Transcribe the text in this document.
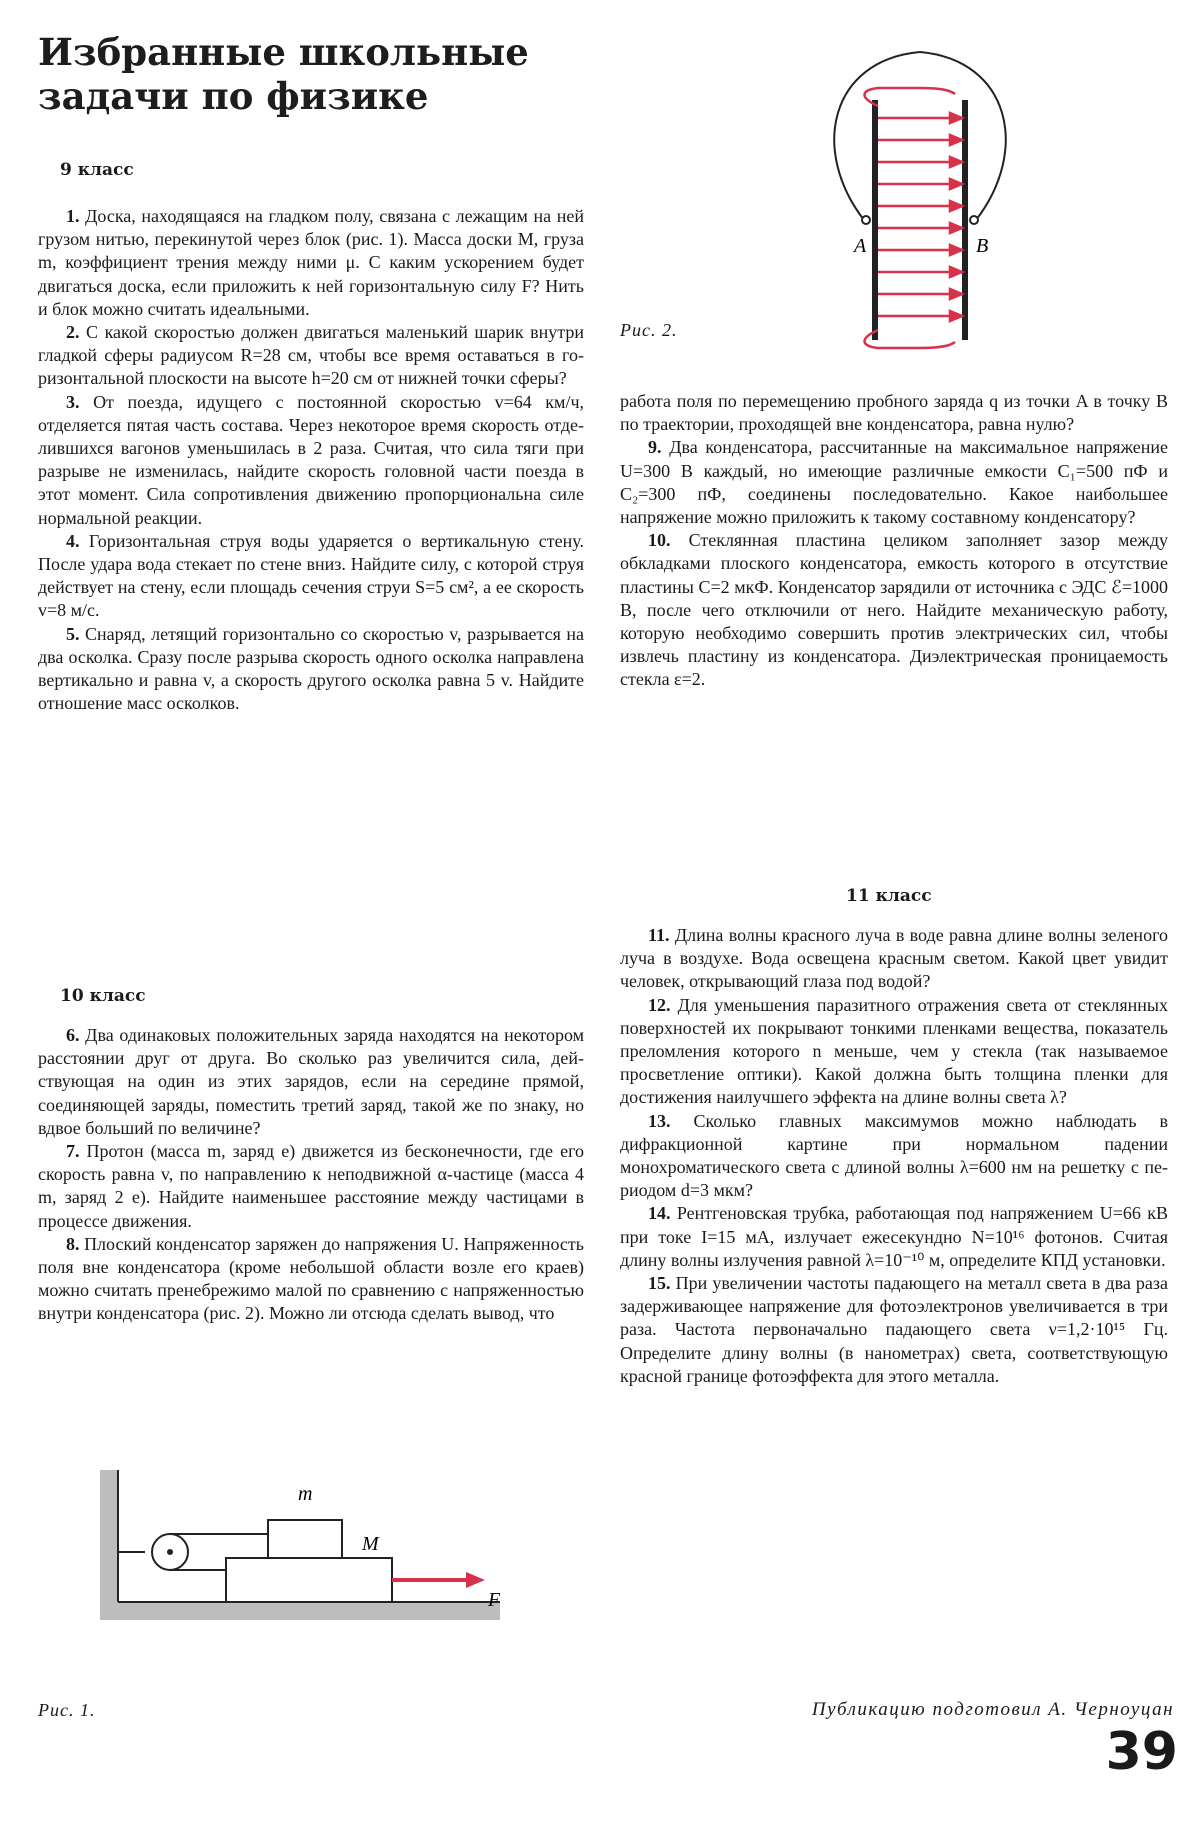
Избранные школьные
задачи по физике
9 класс

1. Доска, находящаяся на гладком полу, связана с лежащим на ней грузом нитью, перекинутой через блок (рис. 1). Масса доски M, груза m, коэффициент трения между ними μ. С каким ускорением будет двигаться доска, если приложить к ней горизонтальную силу F? Нить и блок можно считать идеальными.

2. С какой скоростью должен двигаться маленький шарик внутри гладкой сферы радиусом R=28 см, чтобы все время оставаться в горизонтальной плоскости на высоте h=20 см от нижней точки сферы?

3. От поезда, идущего с постоянной скоростью v=64 км/ч, отделяется пятая часть состава. Через некоторое время скорость отделившихся вагонов уменьшилась в 2 раза. Считая, что сила тяги при разрыве не изменилась, найдите скорость головной части поезда в этот момент. Сила сопротивления движению пропорциональна силе нормальной реакции.

4. Горизонтальная струя воды ударяется о вертикальную стену. После удара вода стекает по стене вниз. Найдите силу, с которой струя действует на стену, если площадь сечения струи S=5 см², а ее скорость v=8 м/с.

5. Снаряд, летящий горизонтально со скоростью v, разрывается на два осколка. Сразу после разрыва скорость одного осколка направлена вертикально и равна v, а скорость другого осколка равна 5 v. Найдите отношение масс осколков.

10 класс

6. Два одинаковых положительных заряда находятся на некотором расстоянии друг от друга. Во сколько раз увеличится сила, действующая на один из этих зарядов, если на середине прямой, соединяющей заряды, поместить третий заряд, такой же по знаку, но вдвое больший по величине?

7. Протон (масса m, заряд e) движется из бесконечности, где его скорость равна v, по направлению к неподвижной α-частице (масса 4 m, заряд 2 e). Найдите наименьшее расстояние между частицами в процессе движения.

8. Плоский конденсатор заряжен до напряжения U. Напряженность поля вне конденсатора (кроме небольшой области возле его краев) можно считать пренебрежимо малой по сравнению с напряженностью внутри конденсатора (рис. 2). Можно ли отсюда сделать вывод, что

m
M
F
Рис. 1.
A	B
Рис. 2.

работа поля по перемещению пробного заряда q из точки A в точку B по траектории, проходящей вне конденсатора, равна нулю?

9. Два конденсатора, рассчитанные на максимальное напряжение U=300 В каждый, но имеющие различные емкости C₁=500 пФ и C₂=300 пФ, соединены последовательно. Какое наибольшее напряжение можно приложить к такому составному конденсатору?

10. Стеклянная пластина целиком заполняет зазор между обкладками плоского конденсатора, емкость которого в отсутствие пластины C=2 мкФ. Конденсатор зарядили от источника с ЭДС ℰ=1000 В, после чего отключили от него. Найдите механическую работу, которую необходимо совершить против электрических сил, чтобы извлечь пластину из конденсатора. Диэлектрическая проницаемость стекла ε=2.

11 класс

11. Длина волны красного луча в воде равна длине волны зеленого луча в воздухе. Вода освещена красным светом. Какой цвет увидит человек, открывающий глаза под водой?

12. Для уменьшения паразитного отражения света от стеклянных поверхностей их покрывают тонкими пленками вещества, показатель преломления которого n меньше, чем у стекла (так называемое просветление оптики). Какой должна быть толщина пленки для достижения наилучшего эффекта на длине волны света λ?

13. Сколько главных максимумов можно наблюдать в дифракционной картине при нормальном падении монохроматического света с длиной волны λ=600 нм на решетку с периодом d=3 мкм?

14. Рентгеновская трубка, работающая под напряжением U=66 кВ при токе I=15 мА, излучает ежесекундно N=10¹⁶ фотонов. Считая длину волны излучения равной λ=10⁻¹⁰ м, определите КПД установки.

15. При увеличении частоты падающего на металл света в два раза задерживающее напряжение для фотоэлектронов увеличивается в три раза. Частота первоначально падающего света ν=1,2·10¹⁵ Гц. Определите длину волны (в нанометрах) света, соответствующую красной границе фотоэффекта для этого металла.

Публикацию подготовил А. Черноуцан
39
